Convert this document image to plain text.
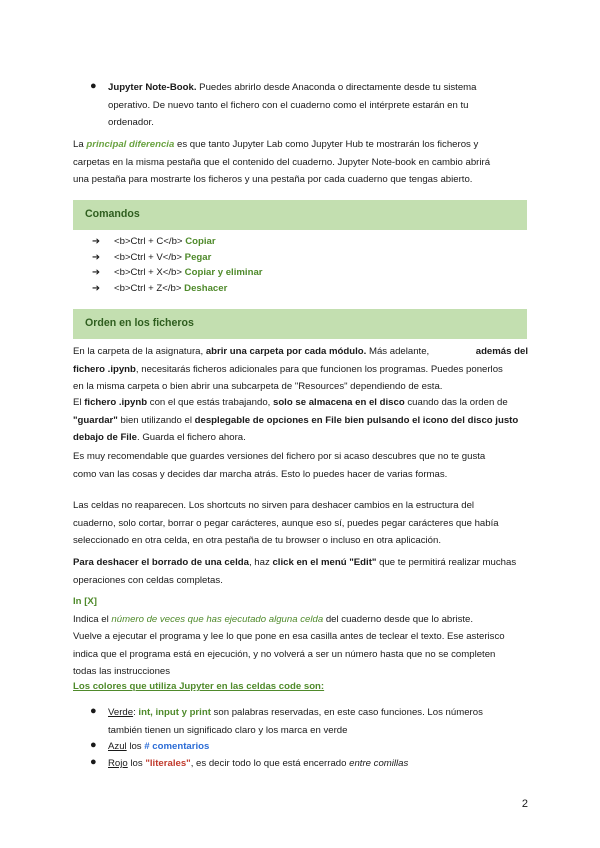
● Jupyter Note-Book. Puedes abrirlo desde Anaconda o directamente desde tu sistema
operativo. De nuevo tanto el fichero con el cuaderno como el intérprete estarán en tu
ordenador.
La principal diferencia es que tanto Jupyter Lab como Jupyter Hub te mostrarán los ficheros y
carpetas en la misma pestaña que el contenido del cuaderno. Jupyter Note-book en cambio abrirá
una pestaña para mostrarte los ficheros y una pestaña por cada cuaderno que tengas abierto.
Comandos
➔ <b>Ctrl + C</b> Copiar
➔ <b>Ctrl + V</b> Pegar
➔ <b>Ctrl + X</b> Copiar y eliminar
➔ <b>Ctrl + Z</b> Deshacer
Orden en los ficheros
En la carpeta de la asignatura, abrir una carpeta por cada módulo. Más adelante,	además del
fichero .ipynb, necesitarás ficheros adicionales para que funcionen los programas. Puedes ponerlos
en la misma carpeta o bien abrir una subcarpeta de "Resources" dependiendo de esta.
El fichero .ipynb con el que estás trabajando, solo se almacena en el disco cuando das la orden de
"guardar" bien utilizando el desplegable de opciones en File bien pulsando el icono del disco justo
debajo de File. Guarda el fichero ahora.
Es muy recomendable que guardes versiones del fichero por si acaso descubres que no te gusta
como van las cosas y decides dar marcha atrás. Esto lo puedes hacer de varias formas.
Las celdas no reaparecen. Los shortcuts no sirven para deshacer cambios en la estructura del
cuaderno, solo cortar, borrar o pegar carácteres, aunque eso sí, puedes pegar carácteres que había
seleccionado en otra celda, en otra pestaña de tu browser o incluso en otra aplicación.
Para deshacer el borrado de una celda, haz click en el menú "Edit" que te permitirá realizar muchas
operaciones con celdas completas.
In [X]
Indica el número de veces que has ejecutado alguna celda del cuaderno desde que lo abriste.
Vuelve a ejecutar el programa y lee lo que pone en esa casilla antes de teclear el texto. Ese asterisco
indica que el programa está en ejecución, y no volverá a ser un número hasta que no se completen
todas las instrucciones
Los colores que utiliza Jupyter en las celdas code son:
● Verde: int, input y print son palabras reservadas, en este caso funciones. Los números
también tienen un significado claro y los marca en verde
● Azul los # comentarios
● Rojo los "literales", es decir todo lo que está encerrado entre comillas
2
